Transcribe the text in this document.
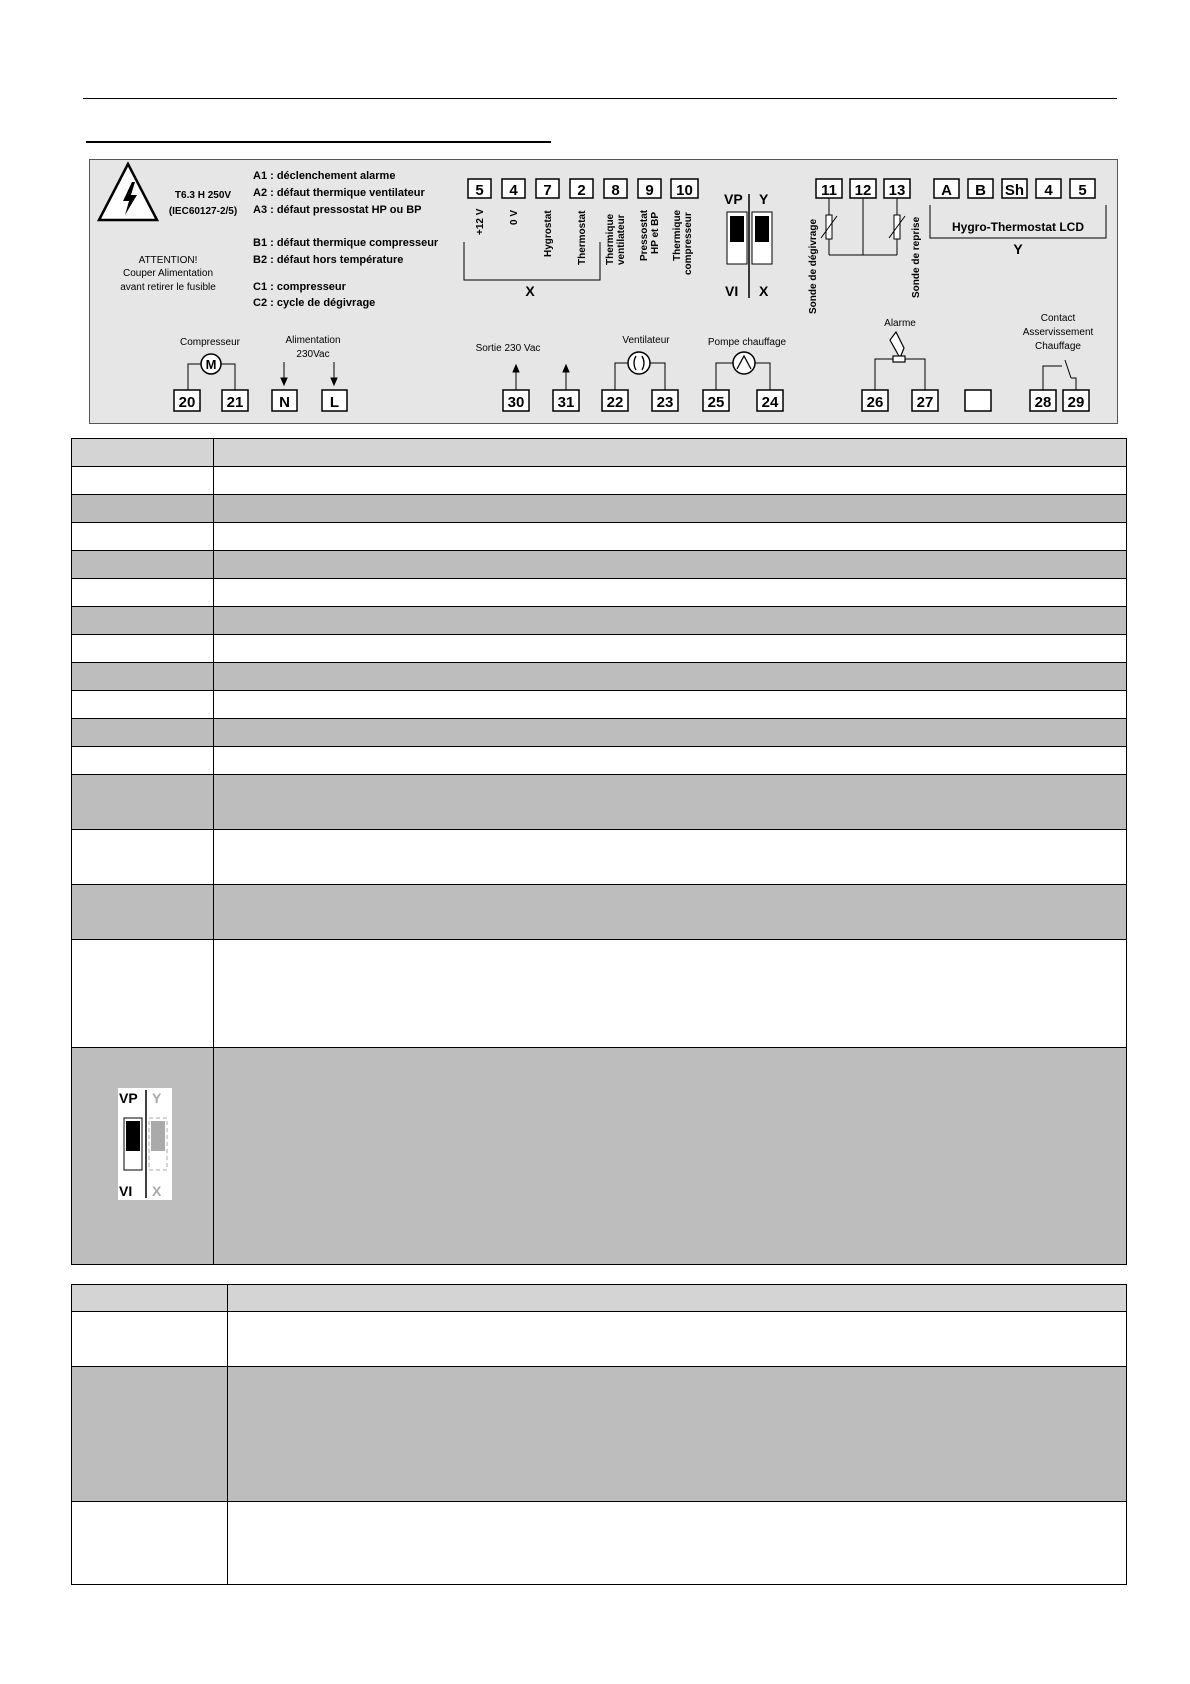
T6.3 H 250V
(IEC60127-2/5)
ATTENTION!
Couper Alimentation
avant retirer le fusible
A1 : déclenchement alarme
A2 : défaut thermique ventilateur
A3 : défaut pressostat HP ou BP
B1 : défaut thermique compresseur
B2 : défaut hors température
C1 : compresseur
C2 : cycle de dégivrage
5 4 7 2 8 9 10
+12 V 0 V Hygrostat Thermostat Thermique ventilateur Pressostat HP et BP Thermique compresseur
X
VP Y
VI X
11 12 13
Sonde de dégivrage	Sonde de reprise
A B Sh 4 5
Hygro-Thermostat LCD
Y
Compresseur	Alimentation
230Vac
Sortie 230 Vac
Ventilateur	Pompe chauffage
Alarme	Contact
Asservissement
Chauffage
M
20 21 N	L	30 31 22 23 25 24	26 27	28 29

VP Y
VI X	
